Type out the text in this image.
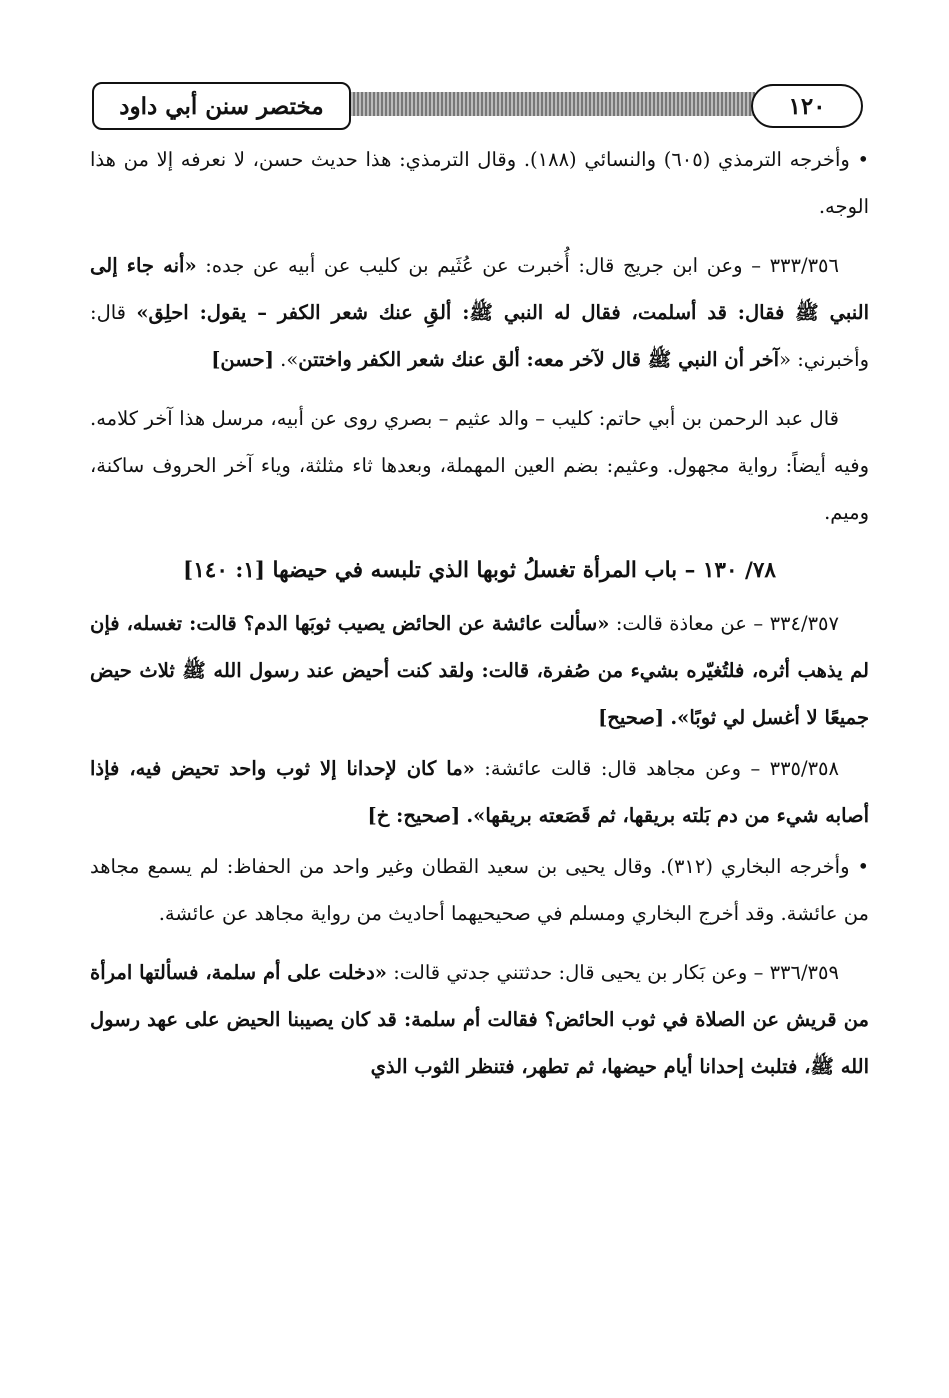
مختصر سنن أبي داود	١٢٠

• وأخرجه الترمذي (٦٠٥) والنسائي (١٨٨). وقال الترمذي: هذا حديث حسن، لا نعرفه إلا من هذا الوجه.

٣٣٣/٣٥٦ – وعن ابن جريج قال: أُخبرت عن عُثَيم بن كليب عن أبيه عن جده: «أنه جاء إلى النبي ﷺ فقال: قد أسلمت، فقال له النبي ﷺ: ألقِ عنك شعر الكفر – يقول: احلِق» قال: وأخبرني: «آخر أن النبي ﷺ قال لآخر معه: ألق عنك شعر الكفر واختتن». [حسن]

قال عبد الرحمن بن أبي حاتم: كليب – والد عثيم – بصري روى عن أبيه، مرسل هذا آخر كلامه. وفيه أيضاً: رواية مجهول. وعثيم: بضم العين المهملة، وبعدها ثاء مثلثة، وياء آخر الحروف ساكنة، وميم.

٧٨/ ١٣٠ – باب المرأة تغسلُ ثوبها الذي تلبسه في حيضها [١: ١٤٠]

٣٣٤/٣٥٧ – عن معاذة قالت: «سألت عائشة عن الحائض يصيب ثوبَها الدم؟ قالت: تغسله، فإن لم يذهب أثره، فلتُغيّره بشيء من صُفرة، قالت: ولقد كنت أحيض عند رسول الله ﷺ ثلاث حيض جميعًا لا أغسل لي ثوبًا». [صحيح]

٣٣٥/٣٥٨ – وعن مجاهد قال: قالت عائشة: «ما كان لإحدانا إلا ثوب واحد تحيض فيه، فإذا أصابه شيء من دم بَلته بريقها، ثم قَصَعته بريقها». [صحيح: خ]

• وأخرجه البخاري (٣١٢). وقال يحيى بن سعيد القطان وغير واحد من الحفاظ: لم يسمع مجاهد من عائشة. وقد أخرج البخاري ومسلم في صحيحيهما أحاديث من رواية مجاهد عن عائشة.

٣٣٦/٣٥٩ – وعن بَكار بن يحيى قال: حدثتني جدتي قالت: «دخلت على أم سلمة، فسألتها امرأة من قريش عن الصلاة في ثوب الحائض؟ فقالت أم سلمة: قد كان يصيبنا الحيض على عهد رسول الله ﷺ، فتلبث إحدانا أيام حيضها، ثم تطهر، فتنظر الثوب الذي
